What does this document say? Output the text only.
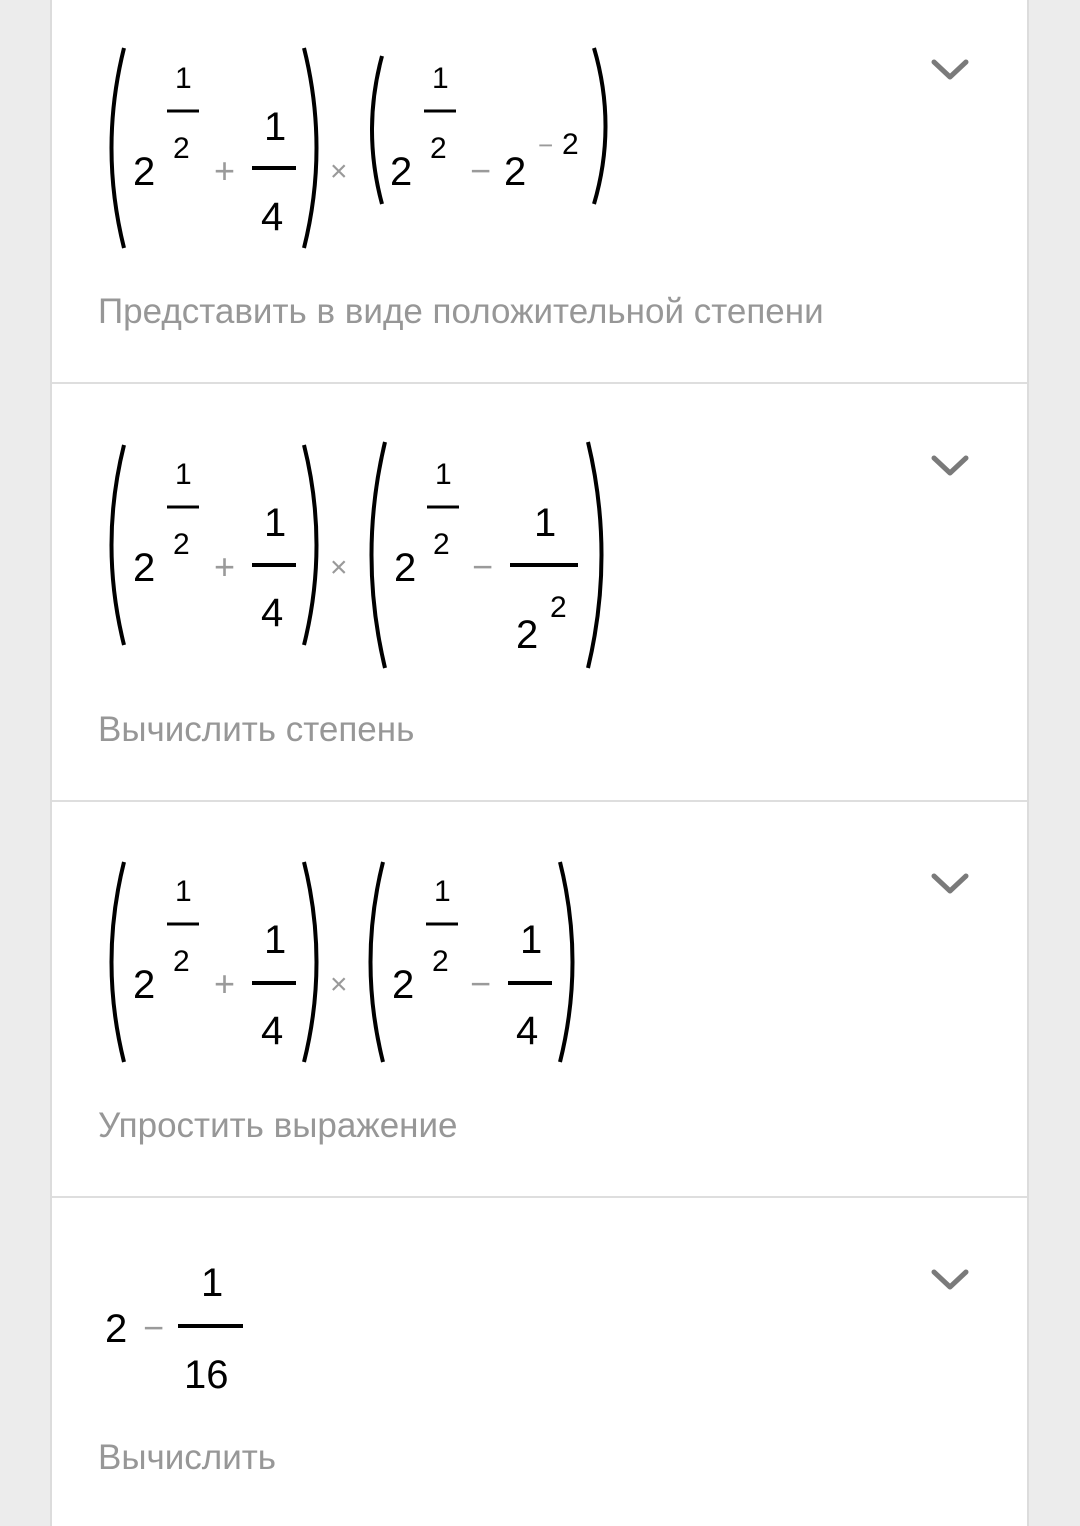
2
1
2
+
1
4
× 2
1
2
− 2
− 2
Представить в виде положительной степени
2
1
2
+
1
4
× 2
1
2
−
1
2
2
Вычислить степень
2
1
2
+
1
4
× 2
1
2
−
1
4
Упростить выражение
2 −
1
16
Вычислить
